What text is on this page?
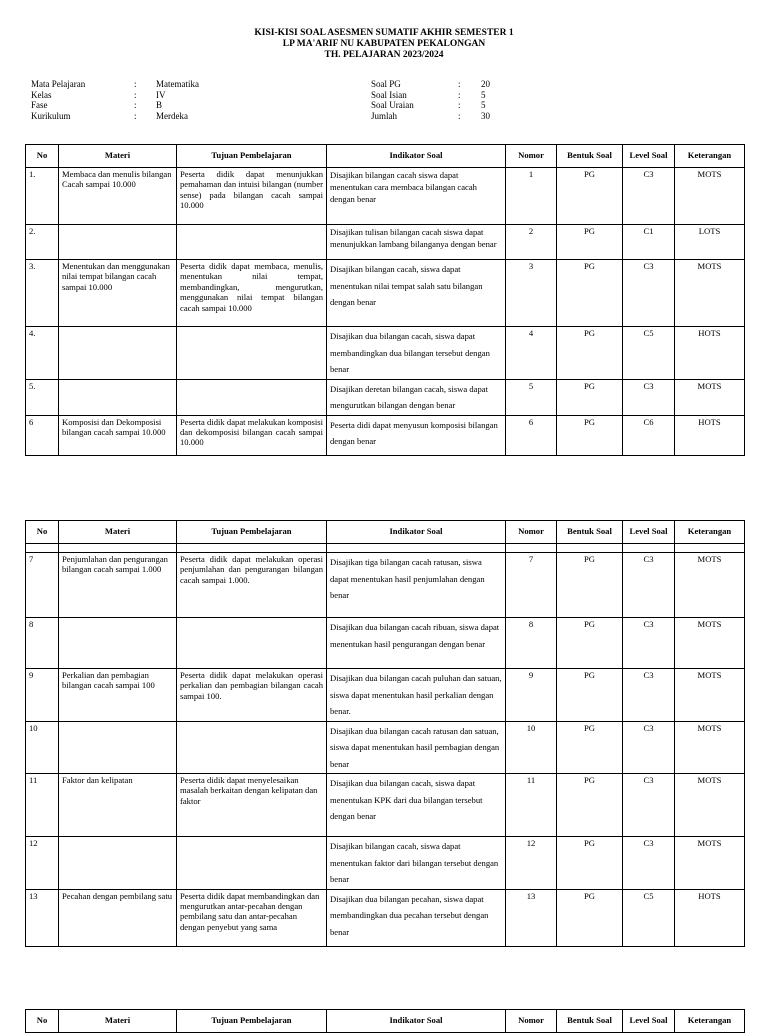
KISI-KISI SOAL ASESMEN SUMATIF AKHIR SEMESTER 1
LP MA'ARIF NU KABUPATEN PEKALONGAN
TH. PELAJARAN 2023/2024
Mata Pelajaran	:	Matematika
Kelas	:	IV
Fase	:	B
Kurikulum	:	Merdeka
Soal PG	:	20
Soal Isian	:	5
Soal Uraian	:	5
Jumlah	:	30
No	Materi	Tujuan Pembelajaran	Indikator Soal	Nomor	Bentuk Soal	Level Soal	Keterangan
1.	Membaca dan menulis bilangan Cacah sampai 10.000	Peserta didik dapat menunjukkan pemahaman dan intuisi bilangan (number sense) pada bilangan cacah sampai 10.000	Disajikan bilangan cacah siswa dapat menentukan cara membaca bilangan cacah dengan benar	1	PG	C3	MOTS
2.			Disajikan tulisan bilangan cacah siswa dapat menunjukkan lambang bilanganya dengan benar	2	PG	C1	LOTS
3.	Menentukan dan menggunakan nilai tempat bilangan cacah sampai 10.000	Peserta didik dapat membaca, menulis, menentukan nilai tempat, membandingkan, mengurutkan, menggunakan nilai tempat bilangan cacah sampai 10.000	Disajikan bilangan cacah, siswa dapat menentukan nilai tempat salah satu bilangan dengan benar	3	PG	C3	MOTS
4.			Disajikan dua bilangan cacah, siswa dapat membandingkan dua bilangan tersebut dengan benar	4	PG	C5	HOTS
5.			Disajikan deretan bilangan cacah, siswa dapat mengurutkan bilangan dengan benar	5	PG	C3	MOTS
6	Komposisi dan Dekomposisi bilangan cacah sampai 10.000	Peserta didik dapat melakukan komposisi dan dekomposisi bilangan cacah sampai 10.000	Peserta didi dapat menyusun komposisi bilangan dengan benar	6	PG	C6	HOTS
No	Materi	Tujuan Pembelajaran	Indikator Soal	Nomor	Bentuk Soal	Level Soal	Keterangan

7	Penjumlahan dan pengurangan bilangan cacah sampai 1.000	Peserta didik dapat melakukan operasi penjumlahan dan pengurangan bilangan cacah sampai 1.000.	Disajikan tiga bilangan cacah ratusan, siswa dapat menentukan hasil penjumlahan dengan benar	7	PG	C3	MOTS
8			Disajikan dua bilangan cacah ribuan, siswa dapat menentukan hasil pengurangan dengan benar	8	PG	C3	MOTS
9	Perkalian dan pembagian bilangan cacah sampai 100	Peserta didik dapat melakukan operasi perkalian dan pembagian bilangan cacah sampai 100.	Disajikan dua bilangan cacah puluhan dan satuan, siswa dapat menentukan hasil perkalian dengan benar.	9	PG	C3	MOTS
10			Disajikan dua bilangan cacah ratusan dan satuan, siswa dapat menentukan hasil pembagian dengan benar	10	PG	C3	MOTS
11	Faktor dan kelipatan	Peserta didik dapat menyelesaikan masalah berkaitan dengan kelipatan dan faktor	Disajikan dua bilangan cacah, siswa dapat menentukan KPK dari dua bilangan tersebut dengan benar	11	PG	C3	MOTS
12			Disajikan bilangan cacah, siswa dapat menentukan faktor dari bilangan tersebut dengan benar	12	PG	C3	MOTS
13	Pecahan dengan pembilang satu	Peserta didik dapat membandingkan dan mengurutkan antar-pecahan dengan pembilang satu dan antar-pecahan dengan penyebut yang sama	Disajikan dua bilangan pecahan, siswa dapat membandingkan dua pecahan tersebut dengan benar	13	PG	C5	HOTS
No	Materi	Tujuan Pembelajaran	Indikator Soal	Nomor	Bentuk Soal	Level Soal	Keterangan
